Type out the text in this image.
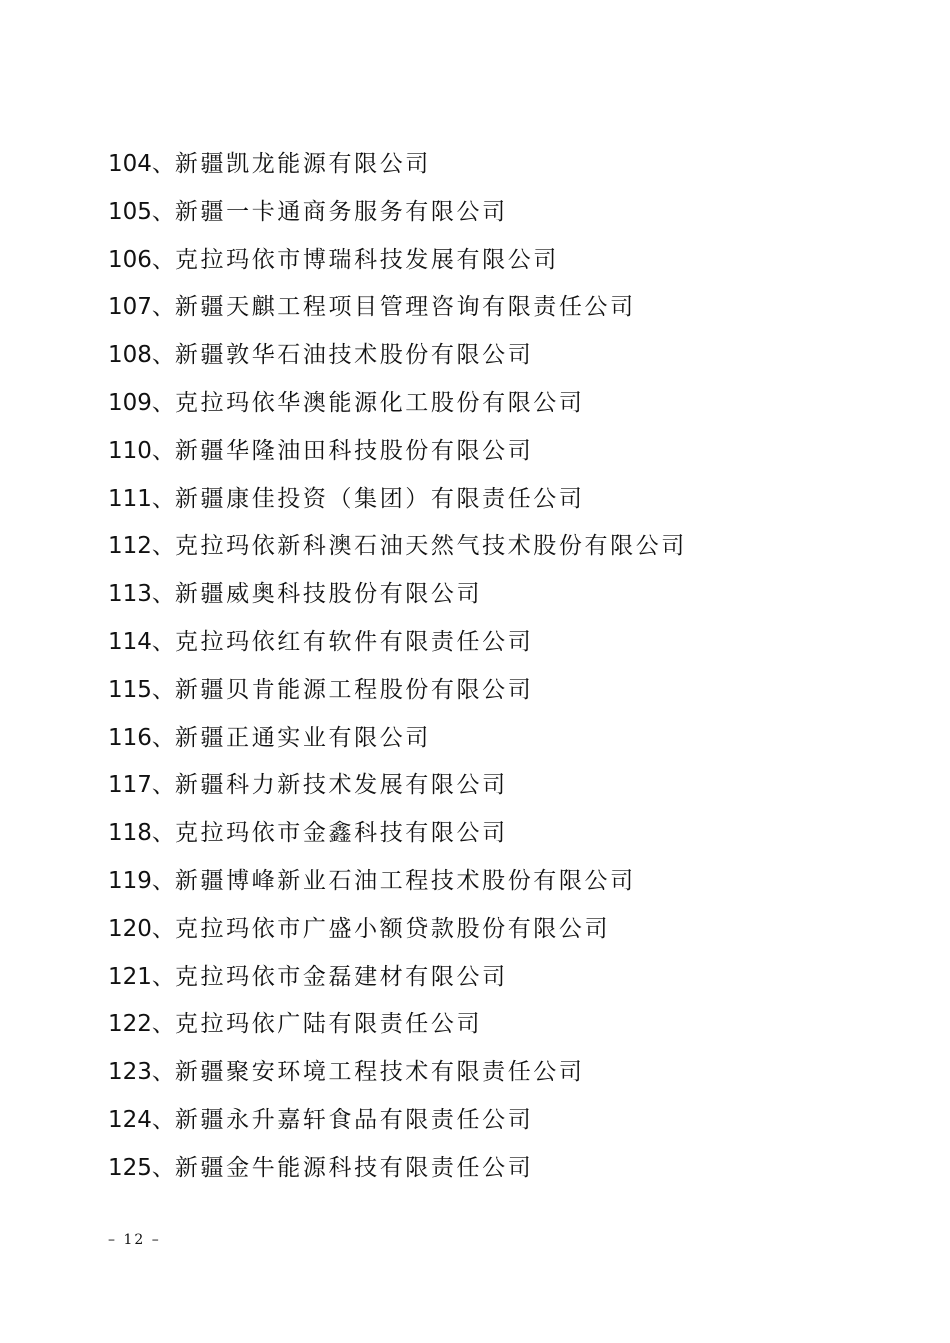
104、新疆凯龙能源有限公司
105、新疆一卡通商务服务有限公司
106、克拉玛依市博瑞科技发展有限公司
107、新疆天麒工程项目管理咨询有限责任公司
108、新疆敦华石油技术股份有限公司
109、克拉玛依华澳能源化工股份有限公司
110、新疆华隆油田科技股份有限公司
111、新疆康佳投资（集团）有限责任公司
112、克拉玛依新科澳石油天然气技术股份有限公司
113、新疆威奥科技股份有限公司
114、克拉玛依红有软件有限责任公司
115、新疆贝肯能源工程股份有限公司
116、新疆正通实业有限公司
117、新疆科力新技术发展有限公司
118、克拉玛依市金鑫科技有限公司
119、新疆博峰新业石油工程技术股份有限公司
120、克拉玛依市广盛小额贷款股份有限公司
121、克拉玛依市金磊建材有限公司
122、克拉玛依广陆有限责任公司
123、新疆聚安环境工程技术有限责任公司
124、新疆永升嘉轩食品有限责任公司
125、新疆金牛能源科技有限责任公司
– 12 –
